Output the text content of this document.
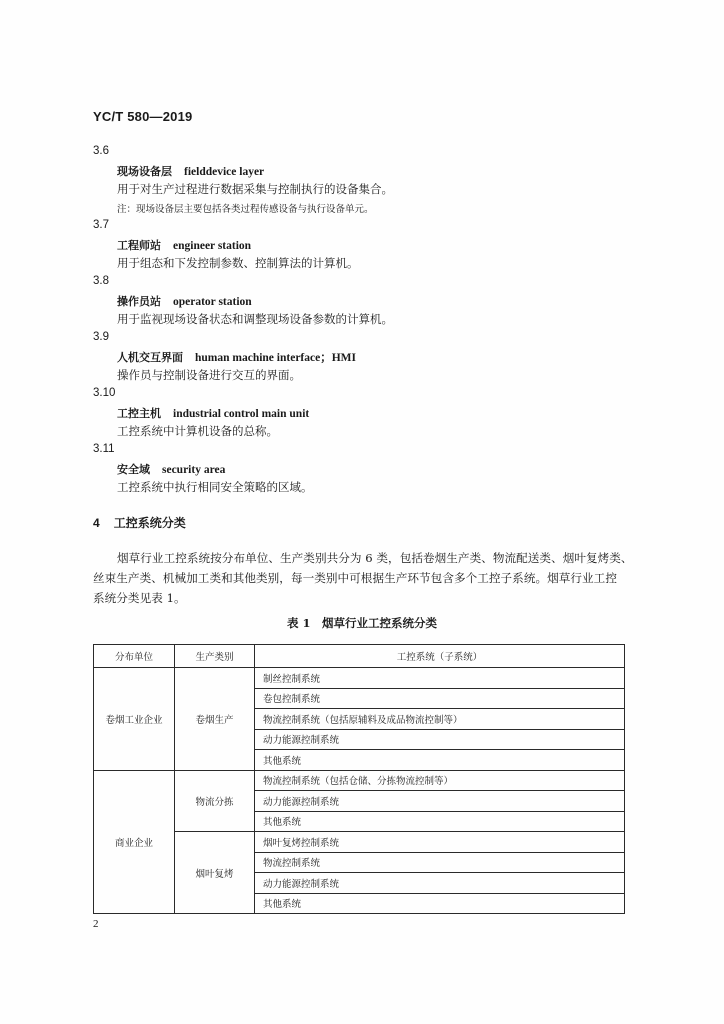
YC/T 580—2019
3.6
现场设备层 fielddevice layer
用于对生产过程进行数据采集与控制执行的设备集合。
注：现场设备层主要包括各类过程传感设备与执行设备单元。
3.7
工程师站 engineer station
用于组态和下发控制参数、控制算法的计算机。
3.8
操作员站 operator station
用于监视现场设备状态和调整现场设备参数的计算机。
3.9
人机交互界面 human machine interface；HMI
操作员与控制设备进行交互的界面。
3.10
工控主机 industrial control main unit
工控系统中计算机设备的总称。
3.11
安全域 security area
工控系统中执行相同安全策略的区域。
4 工控系统分类
烟草行业工控系统按分布单位、生产类别共分为 6 类，包括卷烟生产类、物流配送类、烟叶复烤类、
丝束生产类、机械加工类和其他类别，每一类别中可根据生产环节包含多个工控子系统。烟草行业工控
系统分类见表 1。
表 1　烟草行业工控系统分类
分布单位	生产类别	工控系统（子系统）
卷烟工业企业	卷烟生产	制丝控制系统
		卷包控制系统
		物流控制系统（包括原辅料及成品物流控制等）
		动力能源控制系统
		其他系统
商业企业	物流分拣	物流控制系统（包括仓储、分拣物流控制等）
		动力能源控制系统
		其他系统
	烟叶复烤	烟叶复烤控制系统
		物流控制系统
		动力能源控制系统
		其他系统
2
